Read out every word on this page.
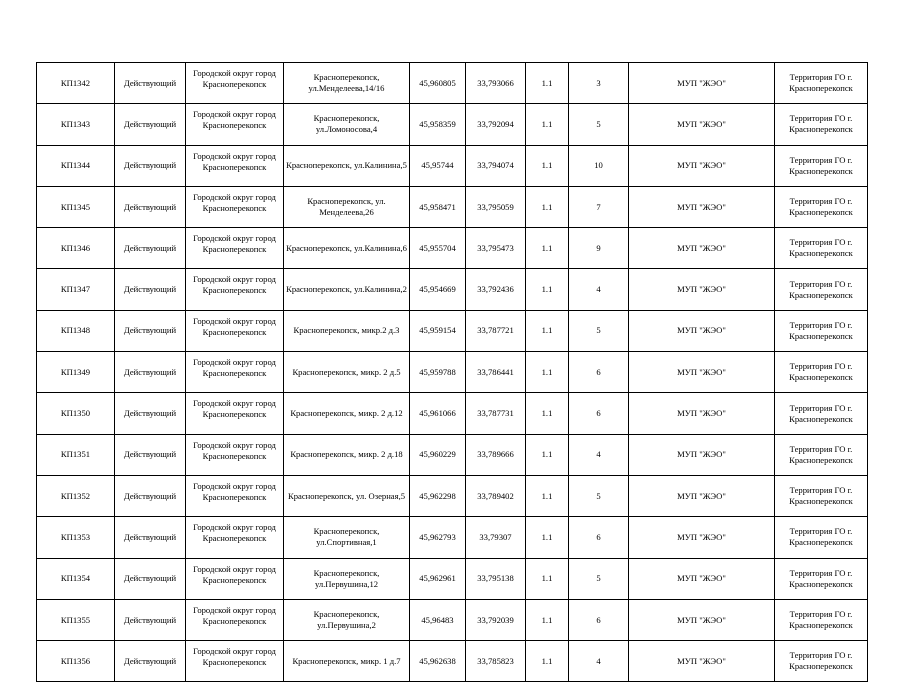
КП1342	Действующий	Городской округ город Красноперекопск	Красноперекопск, ул.Менделеева,14/16	45,960805	33,793066	1.1	3	МУП "ЖЭО"	Территория ГО г. Красноперекопск
КП1343	Действующий	Городской округ город Красноперекопск	Красноперекопск, ул.Ломоносова,4	45,958359	33,792094	1.1	5	МУП "ЖЭО"	Территория ГО г. Красноперекопск
КП1344	Действующий	Городской округ город Красноперекопск	Красноперекопск, ул.Калинина,5	45,95744	33,794074	1.1	10	МУП "ЖЭО"	Территория ГО г. Красноперекопск
КП1345	Действующий	Городской округ город Красноперекопск	Красноперекопск, ул. Менделеева,26	45,958471	33,795059	1.1	7	МУП "ЖЭО"	Территория ГО г. Красноперекопск
КП1346	Действующий	Городской округ город Красноперекопск	Красноперекопск, ул.Калинина,6	45,955704	33,795473	1.1	9	МУП "ЖЭО"	Территория ГО г. Красноперекопск
КП1347	Действующий	Городской округ город Красноперекопск	Красноперекопск, ул.Калинина,2	45,954669	33,792436	1.1	4	МУП "ЖЭО"	Территория ГО г. Красноперекопск
КП1348	Действующий	Городской округ город Красноперекопск	Красноперекопск, микр.2 д.3	45,959154	33,787721	1.1	5	МУП "ЖЭО"	Территория ГО г. Красноперекопск
КП1349	Действующий	Городской округ город Красноперекопск	Красноперекопск, микр. 2 д.5	45,959788	33,786441	1.1	6	МУП "ЖЭО"	Территория ГО г. Красноперекопск
КП1350	Действующий	Городской округ город Красноперекопск	Красноперекопск, микр. 2 д.12	45,961066	33,787731	1.1	6	МУП "ЖЭО"	Территория ГО г. Красноперекопск
КП1351	Действующий	Городской округ город Красноперекопск	Красноперекопск, микр. 2 д.18	45,960229	33,789666	1.1	4	МУП "ЖЭО"	Территория ГО г. Красноперекопск
КП1352	Действующий	Городской округ город Красноперекопск	Красноперекопск, ул. Озерная,5	45,962298	33,789402	1.1	5	МУП "ЖЭО"	Территория ГО г. Красноперекопск
КП1353	Действующий	Городской округ город Красноперекопск	Красноперекопск, ул.Спортивная,1	45,962793	33,79307	1.1	6	МУП "ЖЭО"	Территория ГО г. Красноперекопск
КП1354	Действующий	Городской округ город Красноперекопск	Красноперекопск, ул.Первушина,12	45,962961	33,795138	1.1	5	МУП "ЖЭО"	Территория ГО г. Красноперекопск
КП1355	Действующий	Городской округ город Красноперекопск	Красноперекопск, ул.Первушина,2	45,96483	33,792039	1.1	6	МУП "ЖЭО"	Территория ГО г. Красноперекопск
КП1356	Действующий	Городской округ город Красноперекопск	Красноперекопск, микр. 1 д.7	45,962638	33,785823	1.1	4	МУП "ЖЭО"	Территория ГО г. Красноперекопск
